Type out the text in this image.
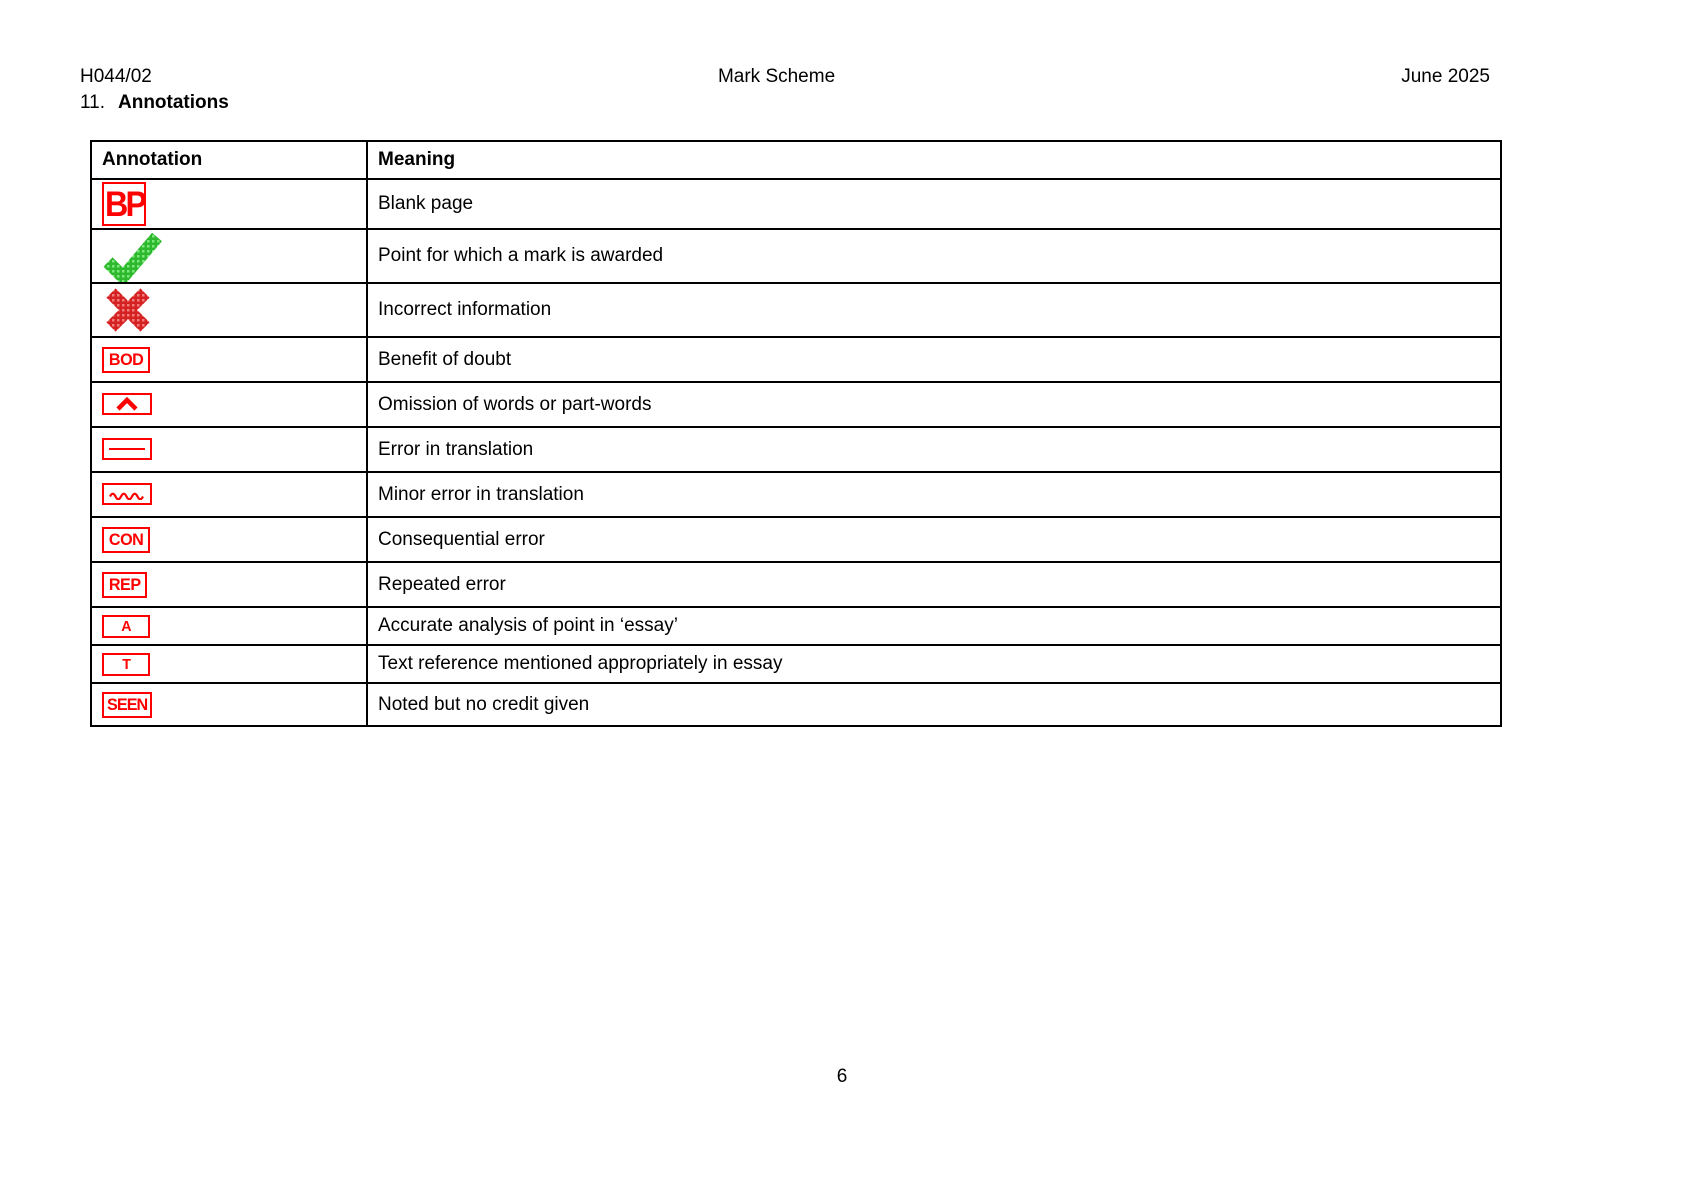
H044/02	Mark Scheme	June 2025
11. Annotations
Annotation	Meaning

BP	Blank page
	Point for which a mark is awarded
	Incorrect information

BOD	Benefit of doubt

	Omission of words or part-words

	Error in translation

	Minor error in translation

CON	Consequential error

REP	Repeated error

A	Accurate analysis of point in ‘essay’

T	Text reference mentioned appropriately in essay

SEEN	Noted but no credit given
6
